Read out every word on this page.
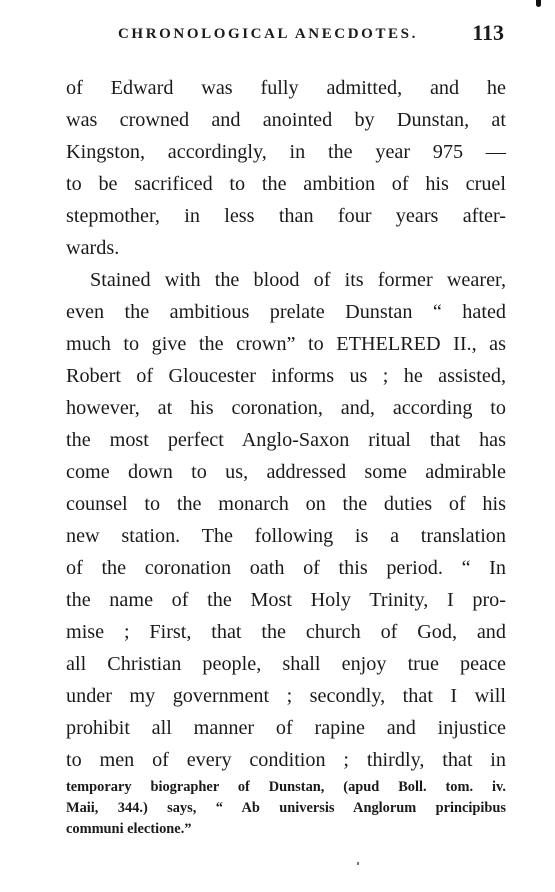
CHRONOLOGICAL ANECDOTES. 113
of Edward was fully admitted, and he
was crowned and anointed by Dunstan, at
Kingston, accordingly, in the year 975 —
to be sacrificed to the ambition of his cruel
stepmother, in less than four years after-
wards.
Stained with the blood of its former wearer,
even the ambitious prelate Dunstan “ hated
much to give the crown” to ETHELRED II., as
Robert of Gloucester informs us ; he assisted,
however, at his coronation, and, according to
the most perfect Anglo-Saxon ritual that has
come down to us, addressed some admirable
counsel to the monarch on the duties of his
new station. The following is a translation
of the coronation oath of this period. “ In
the name of the Most Holy Trinity, I pro-
mise ; First, that the church of God, and
all Christian people, shall enjoy true peace
under my government ; secondly, that I will
prohibit all manner of rapine and injustice
to men of every condition ; thirdly, that in
temporary biographer of Dunstan, (apud Boll. tom. iv.
Maii, 344.) says, “ Ab universis Anglorum principibus
communi electione.”
